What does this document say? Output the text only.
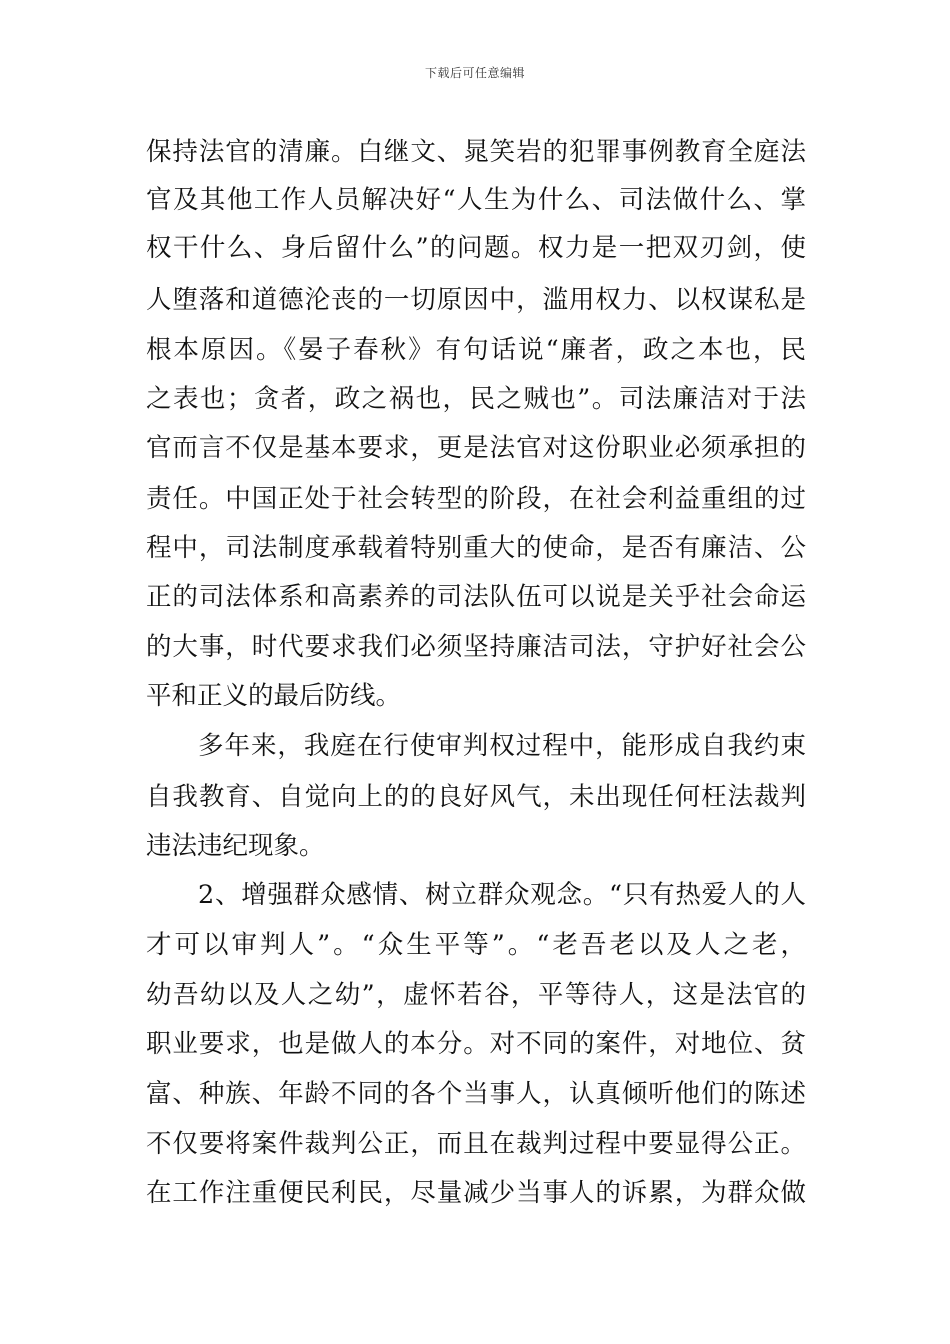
下载后可任意编辑
保持法官的清廉。白继文、晁笑岩的犯罪事例教育全庭法
官及其他工作人员解决好“人生为什么、司法做什么、掌
权干什么、身后留什么”的问题。权力是一把双刃剑，使
人堕落和道德沦丧的一切原因中，滥用权力、以权谋私是
根本原因。《晏子春秋》有句话说“廉者，政之本也，民
之表也；贪者，政之祸也，民之贼也”。司法廉洁对于法
官而言不仅是基本要求，更是法官对这份职业必须承担的
责任。中国正处于社会转型的阶段，在社会利益重组的过
程中，司法制度承载着特别重大的使命，是否有廉洁、公
正的司法体系和高素养的司法队伍可以说是关乎社会命运
的大事，时代要求我们必须坚持廉洁司法，守护好社会公
平和正义的最后防线。
多年来，我庭在行使审判权过程中，能形成自我约束
自我教育、自觉向上的的良好风气，未出现任何枉法裁判
违法违纪现象。
2、增强群众感情、树立群众观念。“只有热爱人的人
才可以审判人”。“众生平等”。“老吾老以及人之老，
幼吾幼以及人之幼”，虚怀若谷，平等待人，这是法官的
职业要求，也是做人的本分。对不同的案件，对地位、贫
富、种族、年龄不同的各个当事人，认真倾听他们的陈述
不仅要将案件裁判公正，而且在裁判过程中要显得公正。
在工作注重便民利民，尽量减少当事人的诉累，为群众做
